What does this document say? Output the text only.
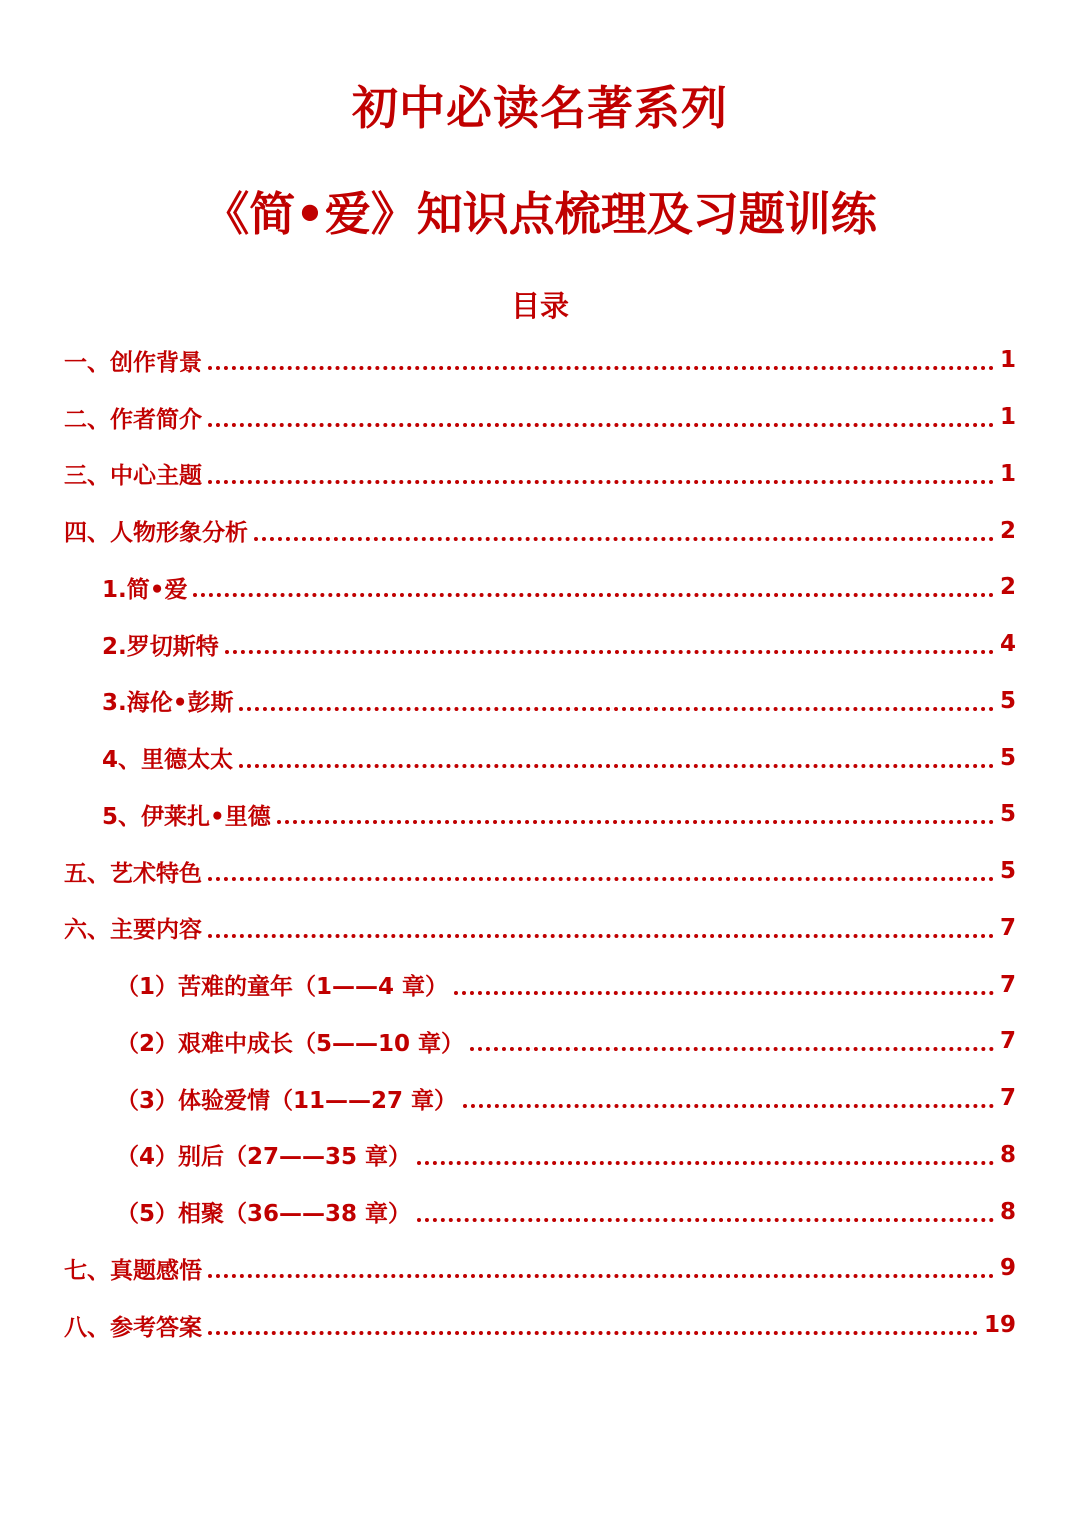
初中必读名著系列
《简•爱》知识点梳理及习题训练
目录
一、创作背景	1
二、作者简介	1
三、中心主题	1
四、人物形象分析	2
1.简•爱	2
2.罗切斯特	4
3.海伦•彭斯	5
4、里德太太	5
5、伊莱扎•里德	5
五、艺术特色	5
六、主要内容	7
（1）苦难的童年（1——4 章）	7
（2）艰难中成长（5——10 章）	7
（3）体验爱情（11——27 章）	7
（4）别后（27——35 章）	8
（5）相聚（36——38 章）	8
七、真题感悟	9
八、参考答案	19
